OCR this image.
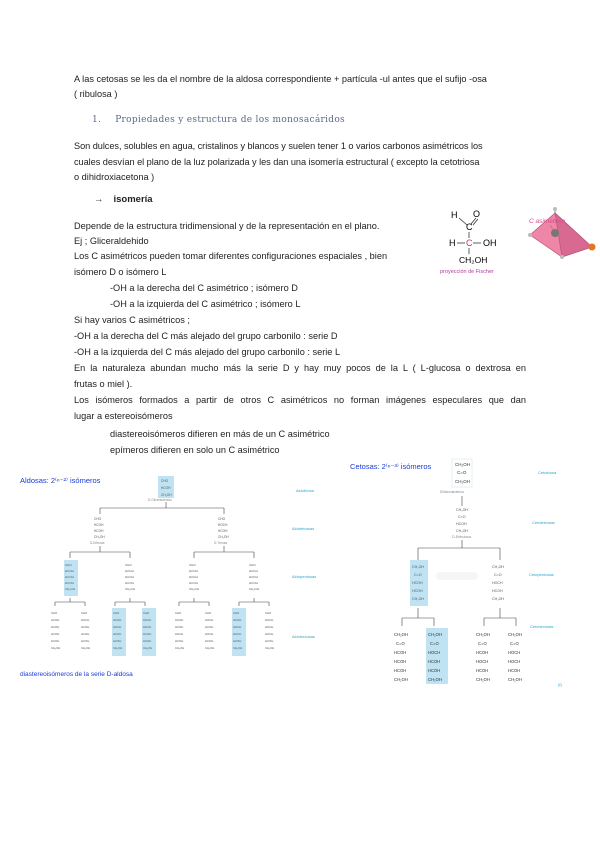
A las cetosas se les da el nombre de la aldosa correspondiente + partícula -ul antes que el sufijo -osa
( ribulosa )
1. Propiedades y estructura de los monosacáridos
Son dulces, solubles en agua, cristalinos y blancos y suelen tener 1 o varios carbonos asimétricos los
cuales desvían el plano de la luz polarizada y les dan una isomería estructural ( excepto la cetotriosa
o dihidroxiacetona )
→ isomería
Depende de la estructura tridimensional y de la representación en el plano.
Ej ; Gliceraldehido
Los C asimétricos pueden tomar diferentes configuraciones espaciales , bien
isómero D o isómero L
-OH a la derecha del C asimétrico ; isómero D
-OH a la izquierda del C asimétrico ; isómero L
Si hay varios C asimétricos ;
-OH a la derecha del C más alejado del grupo carbonilo : serie D
-OH a la izquierda del C más alejado del grupo carbonilo : serie L
En la naturaleza abundan mucho más la serie D y hay muy pocos de la L ( L-glucosa o dextrosa en
frutas o miel ).
Los isómeros formados a partir de otros C asimétricos no forman imágenes especulares que dan
lugar a estereoisómeros
diastereoisómeros difieren en más de un C asimétrico
epímeros difieren en solo un C asimétrico
H O
C
H C OH
CH₂OH
proyección de Fischer
C asimétrico
Aldosas: 2⁽ⁿ⁻²⁾ isómeros
Aldotriosa
Aldotetrosas
Aldopentosas
Aldohexosas
CHO
HCOH
CH₂OH
D-Gliceraldehído
CHO
HCOH
HCOH
CH₂OH
D-Eritrosa
CHO
HOCH
HCOH
CH₂OH
D-Treosa
CHO
HCOH
HCOH
HCOH
CH₂OH
CHO
HOCH
HCOH
HCOH
CH₂OH
CHO
HCOH
HOCH
HCOH
CH₂OH
CHO
HOCH
HOCH
HCOH
CH₂OH
CHO
HCOH
HCOH
HCOH
HCOH
CH₂OH
CHO
HOCH
HCOH
HCOH
HCOH
CH₂OH
CHO
HCOH
HOCH
HCOH
HCOH
CH₂OH
CHO
HOCH
HOCH
HCOH
HCOH
CH₂OH
CHO
HCOH
HCOH
HOCH
HCOH
CH₂OH
CHO
HOCH
HCOH
HOCH
HCOH
CH₂OH
CHO
HCOH
HOCH
HOCH
HCOH
CH₂OH
CHO
HOCH
HOCH
HOCH
HCOH
CH₂OH
diastereoisómeros de la serie D-aldosa
Cetosas: 2⁽ⁿ⁻³⁾ isómeros	CH₂OH
C=O
CH₂OH
Dihidroxiacetona
Cetotriosa
Cetotetrosas
Cetopentosas
Cetohexosas
CH₂OH
C=O
HCOH
CH₂OH
D-Eritrulosa
CH₂OH
C=O
HCOH
HCOH
CH₂OH
CH₂OH
C=O
HOCH
HCOH
CH₂OH
CH₂OH
C=O
HCOH
HCOH
HCOH
CH₂OH
CH₂OH
C=O
HOCH
HCOH
HCOH
CH₂OH
CH₂OH
C=O
HCOH
HOCH
HCOH
CH₂OH
CH₂OH
C=O
HOCH
HOCH
HCOH
CH₂OH
(f)
